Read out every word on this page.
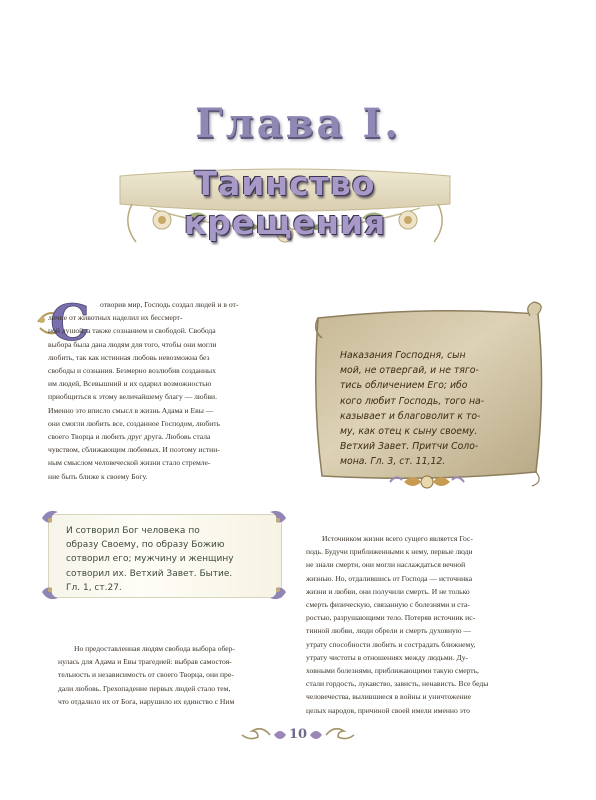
Глава I.
Таинство крещения
С	отворив мир, Господь создал людей и в от-

личие от животных наделил их бессмерт-

ной душой, а также сознанием и свободой. Свобода

выбора была дана людям для того, чтобы они могли

любить, так как истинная любовь невозможна без

свободы и сознания. Безмерно возлюбив созданных

им людей, Всевышний и их одарил возможностью

приобщиться к этому величайшему благу — любви.

Именно это вписло смысл в жизнь Адама и Евы —

они смогли любить все, созданное Господом, любить

своего Творца и любить друг друга. Любовь стала

чувством, сближающим любимых. И поэтому истин-

ным смыслом человеческой жизни стало стремле-

ние быть ближе к своему Богу.

Наказания Господня, сын
мой, не отвергай, и не тяго-
тись обличением Его; ибо
кого любит Господь, того на-
казывает и благоволит к то-
му, как отец к сыну своему.
Ветхий Завет. Притчи Соло-
мона. Гл. 3, ст. 11,12.
И сотворил Бог человека по
образу Своему, по образу Божию
сотворил его; мужчину и женщину
сотворил их. Ветхий Завет. Бытие.
Гл. 1, ст.27.

Но предоставленная людям свобода выбора обер-

нулась для Адама и Евы трагедией: выбрав самостоя-

тельность и независимость от своего Творца, они пре-

дали любовь. Грехопадение первых людей стало тем,

что отдалило их от Бога, нарушило их единство с Ним

Источником жизни всего сущего является Гос-

подь. Будучи приближенными к нему, первые люди

не знали смерти, они могли наслаждаться вечной

жизнью. Но, отдалившись от Господа — источника

жизни и любви, они получили смерть. И не только

смерть физическую, связанную с болезнями и ста-

ростью, разрушающими тело. Потеряв источник ис-

тинной любви, люди обрели и смерть духовную —

утрату способности любить и сострадать ближнему,

утрату чистоты в отношениях между людьми. Ду-

ховными болезнями, приближающими такую смерть,

стали гордость, лукавство, зависть, ненависть. Все беды

человечества, вылившиеся в войны и уничтожение

целых народов, причиной своей имели именно это

10
